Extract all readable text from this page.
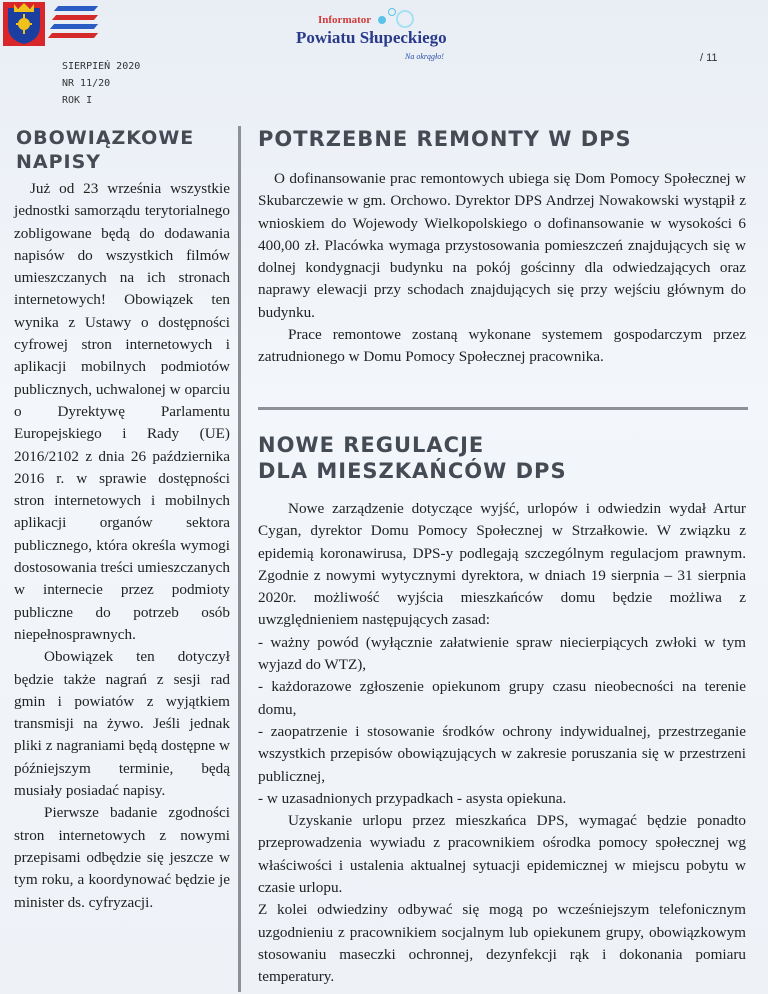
Informator
Powiatu Słupeckiego
Na okrągło!
SIERPIEŃ 2020
NR 11/20
ROK I
/ 11
OBOWIĄZKOWE NAPISY

Już od 23 września wszystkie jednostki samorządu terytorialnego zobligowane będą do dodawania napisów do wszystkich filmów umieszczanych na ich stronach internetowych! Obowiązek ten wynika z Ustawy o dostępności cyfrowej stron internetowych i aplikacji mobilnych podmiotów publicznych, uchwalonej w oparciu o Dyrektywę Parlamentu Europejskiego i Rady (UE) 2016/2102 z dnia 26 października 2016 r. w sprawie dostępności stron internetowych i mobilnych aplikacji organów sektora publicznego, która określa wymogi dostosowania treści umieszczanych w internecie przez podmioty publiczne do potrzeb osób niepełnosprawnych.

Obowiązek ten dotyczył będzie także nagrań z sesji rad gmin i powiatów z wyjątkiem transmisji na żywo. Jeśli jednak pliki z nagraniami będą dostępne w późniejszym terminie, będą musiały posiadać napisy.

Pierwsze badanie zgodności stron internetowych z nowymi przepisami odbędzie się jeszcze w tym roku, a koordynować będzie je minister ds. cyfryzacji.

POTRZEBNE REMONTY W DPS

O dofinansowanie prac remontowych ubiega się Dom Pomocy Społecznej w Skubarczewie w gm. Orchowo. Dyrektor DPS Andrzej Nowakowski wystąpił z wnioskiem do Wojewody Wielkopolskiego o dofinansowanie w wysokości 6 400,00 zł. Placówka wymaga przystosowania pomieszczeń znajdujących się w dolnej kondygnacji budynku na pokój gościnny dla odwiedzających oraz naprawy elewacji przy schodach znajdujących się przy wejściu głównym do budynku.

Prace remontowe zostaną wykonane systemem gospodarczym przez zatrudnionego w Domu Pomocy Społecznej pracownika.

NOWE REGULACJE
DLA MIESZKAŃCÓW DPS

Nowe zarządzenie dotyczące wyjść, urlopów i odwiedzin wydał Artur Cygan, dyrektor Domu Pomocy Społecznej w Strzałkowie. W związku z epidemią koronawirusa, DPS-y podlegają szczególnym regulacjom prawnym. Zgodnie z nowymi wytycznymi dyrektora, w dniach 19 sierpnia – 31 sierpnia 2020r. możliwość wyjścia mieszkańców domu będzie możliwa z uwzględnieniem następujących zasad:

- ważny powód (wyłącznie załatwienie spraw niecierpiących zwłoki w tym wyjazd do WTZ),

- każdorazowe zgłoszenie opiekunom grupy czasu nieobecności na terenie domu,

- zaopatrzenie i stosowanie środków ochrony indywidualnej, przestrzeganie wszystkich przepisów obowiązujących w zakresie poruszania się w przestrzeni publicznej,

- w uzasadnionych przypadkach - asysta opiekuna.

Uzyskanie urlopu przez mieszkańca DPS, wymagać będzie ponadto przeprowadzenia wywiadu z pracownikiem ośrodka pomocy społecznej wg właściwości i ustalenia aktualnej sytuacji epidemicznej w miejscu pobytu w czasie urlopu.

Z kolei odwiedziny odbywać się mogą po wcześniejszym telefonicznym uzgodnieniu z pracownikiem socjalnym lub opiekunem grupy, obowiązkowym stosowaniu maseczki ochronnej, dezynfekcji rąk i dokonania pomiaru temperatury.
